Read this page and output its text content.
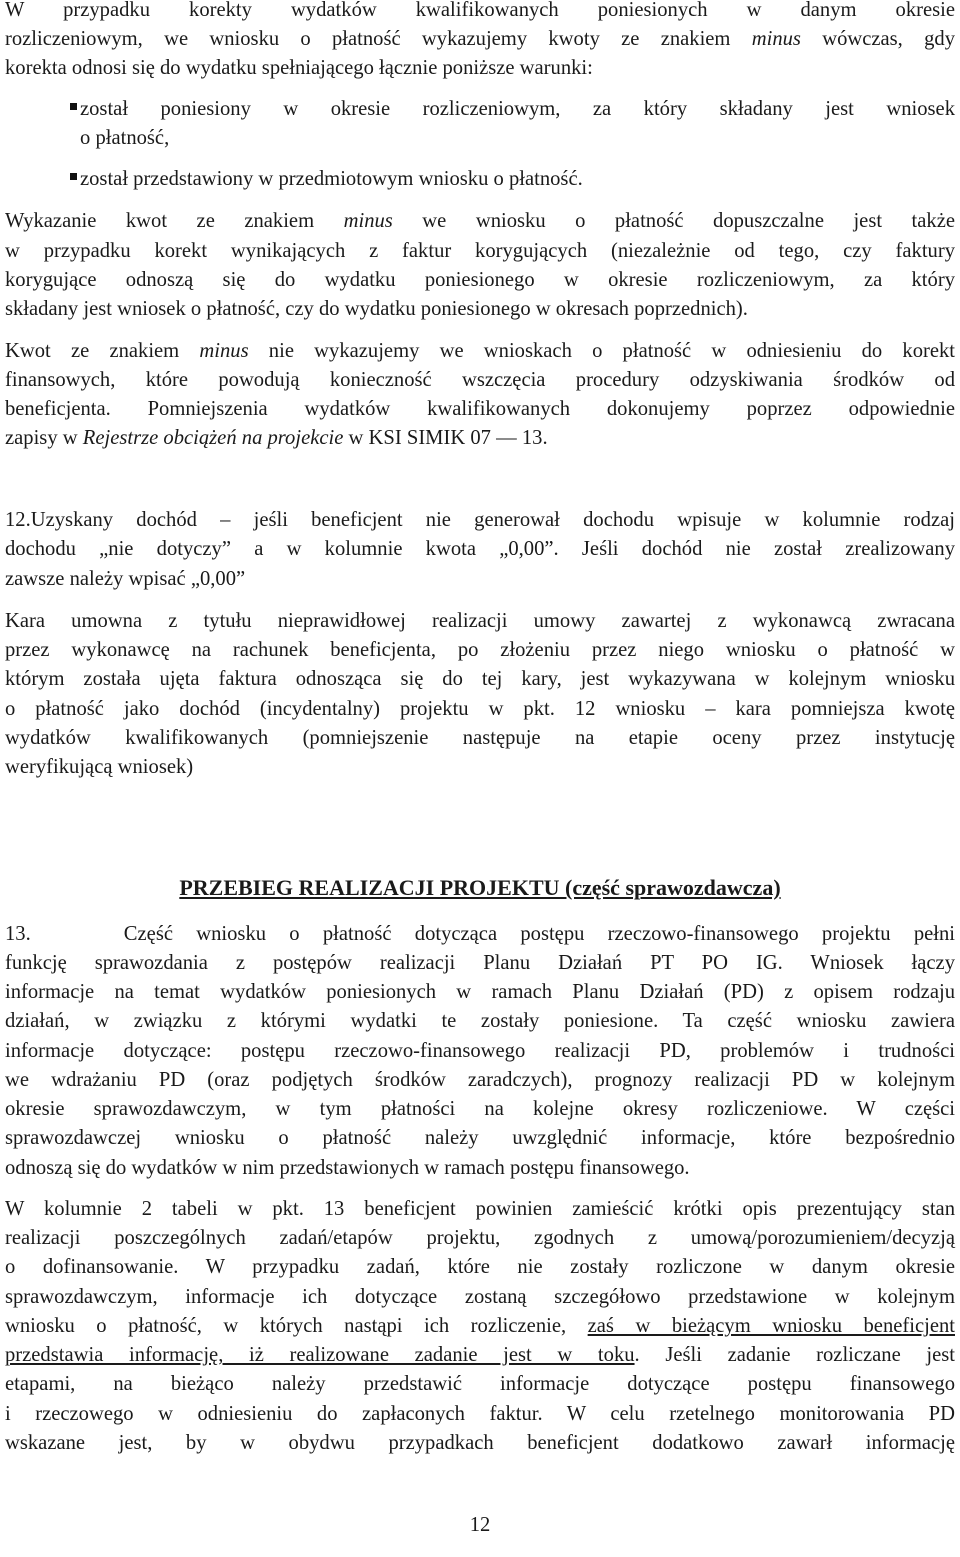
W przypadku korekty wydatków kwalifikowanych poniesionych w danym okresie
rozliczeniowym, we wniosku o płatność wykazujemy kwoty ze znakiem minus wówczas, gdy
korekta odnosi się do wydatku spełniającego łącznie poniższe warunki:
został poniesiony w okresie rozliczeniowym, za który składany jest wniosek
o płatność,
został przedstawiony w przedmiotowym wniosku o płatność.
Wykazanie kwot ze znakiem minus we wniosku o płatność dopuszczalne jest także
w przypadku korekt wynikających z faktur korygujących (niezależnie od tego, czy faktury
korygujące odnoszą się do wydatku poniesionego w okresie rozliczeniowym, za który
składany jest wniosek o płatność, czy do wydatku poniesionego w okresach poprzednich).
Kwot ze znakiem minus nie wykazujemy we wnioskach o płatność w odniesieniu do korekt
finansowych, które powodują konieczność wszczęcia procedury odzyskiwania środków od
beneficjenta. Pomniejszenia wydatków kwalifikowanych dokonujemy poprzez odpowiednie
zapisy w Rejestrze obciążeń na projekcie w KSI SIMIK 07 — 13.
12.Uzyskany dochód – jeśli beneficjent nie generował dochodu wpisuje w kolumnie rodzaj
dochodu „nie dotyczy” a w kolumnie kwota „0,00”. Jeśli dochód nie został zrealizowany
zawsze należy wpisać „0,00”
Kara umowna z tytułu nieprawidłowej realizacji umowy zawartej z wykonawcą zwracana
przez wykonawcę na rachunek beneficjenta, po złożeniu przez niego wniosku o płatność w
którym została ujęta faktura odnosząca się do tej kary, jest wykazywana w kolejnym wniosku
o płatność jako dochód (incydentalny) projektu w pkt. 12 wniosku – kara pomniejsza kwotę
wydatków kwalifikowanych (pomniejszenie następuje na etapie oceny przez instytucję
weryfikującą wniosek)
PRZEBIEG REALIZACJI PROJEKTU (część sprawozdawcza)
13.    Część wniosku o płatność dotycząca postępu rzeczowo-finansowego projektu pełni
funkcję sprawozdania z postępów realizacji Planu Działań PT PO IG. Wniosek łączy
informacje na temat wydatków poniesionych w ramach Planu Działań (PD) z opisem rodzaju
działań, w związku z którymi wydatki te zostały poniesione. Ta część wniosku zawiera
informacje dotyczące: postępu rzeczowo-finansowego realizacji PD, problemów i trudności
we wdrażaniu PD (oraz podjętych środków zaradczych), prognozy realizacji PD w kolejnym
okresie sprawozdawczym, w tym płatności na kolejne okresy rozliczeniowe. W części
sprawozdawczej wniosku o płatność należy uwzględnić informacje, które bezpośrednio
odnoszą się do wydatków w nim przedstawionych w ramach postępu finansowego.
W kolumnie 2 tabeli w pkt. 13 beneficjent powinien zamieścić krótki opis prezentujący stan
realizacji poszczególnych zadań/etapów projektu, zgodnych z umową/porozumieniem/decyzją
o dofinansowanie. W przypadku zadań, które nie zostały rozliczone w danym okresie
sprawozdawczym, informacje ich dotyczące zostaną szczegółowo przedstawione w kolejnym
wniosku o płatność, w których nastąpi ich rozliczenie, zaś w bieżącym wniosku beneficjent
przedstawia informację, iż realizowane zadanie jest w toku. Jeśli zadanie rozliczane jest
etapami, na bieżąco należy przedstawić informacje dotyczące postępu finansowego
i rzeczowego w odniesieniu do zapłaconych faktur. W celu rzetelnego monitorowania PD
wskazane jest, by w obydwu przypadkach beneficjent dodatkowo zawarł informację
12
